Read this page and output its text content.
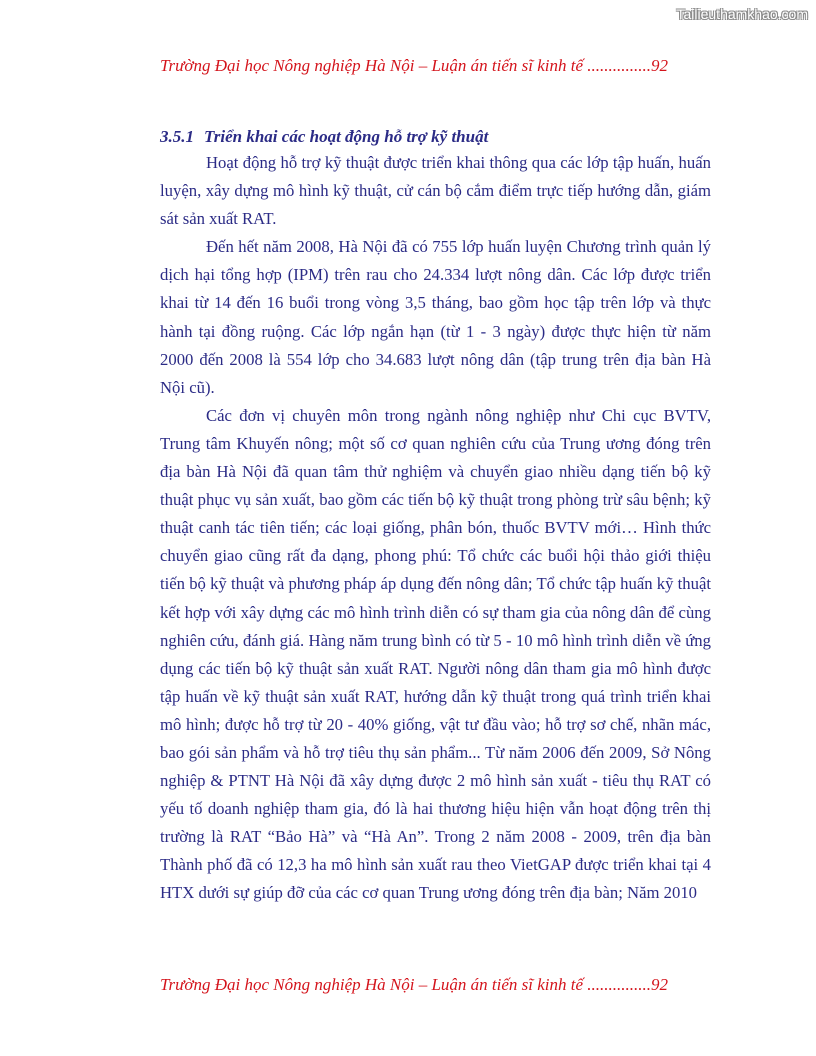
Tailieuthamkhao.com
Trường Đại học Nông nghiệp Hà Nội – Luận án tiến sĩ kinh tế ...............92
3.5.1 Triển khai các hoạt động hỗ trợ kỹ thuật

Hoạt động hỗ trợ kỹ thuật được triển khai thông qua các lớp tập huấn, huấn luyện, xây dựng mô hình kỹ thuật, cử cán bộ cắm điểm trực tiếp hướng dẫn, giám sát sản xuất RAT.

Đến hết năm 2008, Hà Nội đã có 755 lớp huấn luyện Chương trình quản lý dịch hại tổng hợp (IPM) trên rau cho 24.334 lượt nông dân. Các lớp được triển khai từ 14 đến 16 buổi trong vòng 3,5 tháng, bao gồm học tập trên lớp và thực hành tại đồng ruộng. Các lớp ngắn hạn (từ 1 - 3 ngày) được thực hiện từ năm 2000 đến 2008 là 554 lớp cho 34.683 lượt nông dân (tập trung trên địa bàn Hà Nội cũ).

Các đơn vị chuyên môn trong ngành nông nghiệp như Chi cục BVTV, Trung tâm Khuyến nông; một số cơ quan nghiên cứu của Trung ương đóng trên địa bàn Hà Nội đã quan tâm thử nghiệm và chuyển giao nhiều dạng tiến bộ kỹ thuật phục vụ sản xuất, bao gồm các tiến bộ kỹ thuật trong phòng trừ sâu bệnh; kỹ thuật canh tác tiên tiến; các loại giống, phân bón, thuốc BVTV mới… Hình thức chuyển giao cũng rất đa dạng, phong phú: Tổ chức các buổi hội thảo giới thiệu tiến bộ kỹ thuật và phương pháp áp dụng đến nông dân; Tổ chức tập huấn kỹ thuật kết hợp với xây dựng các mô hình trình diễn có sự tham gia của nông dân để cùng nghiên cứu, đánh giá. Hàng năm trung bình có từ 5 - 10 mô hình trình diễn về ứng dụng các tiến bộ kỹ thuật sản xuất RAT. Người nông dân tham gia mô hình được tập huấn về kỹ thuật sản xuất RAT, hướng dẫn kỹ thuật trong quá trình triển khai mô hình; được hỗ trợ từ 20 - 40% giống, vật tư đầu vào; hỗ trợ sơ chế, nhãn mác, bao gói sản phẩm và hỗ trợ tiêu thụ sản phẩm... Từ năm 2006 đến 2009, Sở Nông nghiệp & PTNT Hà Nội đã xây dựng được 2 mô hình sản xuất - tiêu thụ RAT có yếu tố doanh nghiệp tham gia, đó là hai thương hiệu hiện vẫn hoạt động trên thị trường là RAT “Bảo Hà” và “Hà An”. Trong 2 năm 2008 - 2009, trên địa bàn Thành phố đã có 12,3 ha mô hình sản xuất rau theo VietGAP được triển khai tại 4 HTX dưới sự giúp đỡ của các cơ quan Trung ương đóng trên địa bàn; Năm 2010

Trường Đại học Nông nghiệp Hà Nội – Luận án tiến sĩ kinh tế ...............92
